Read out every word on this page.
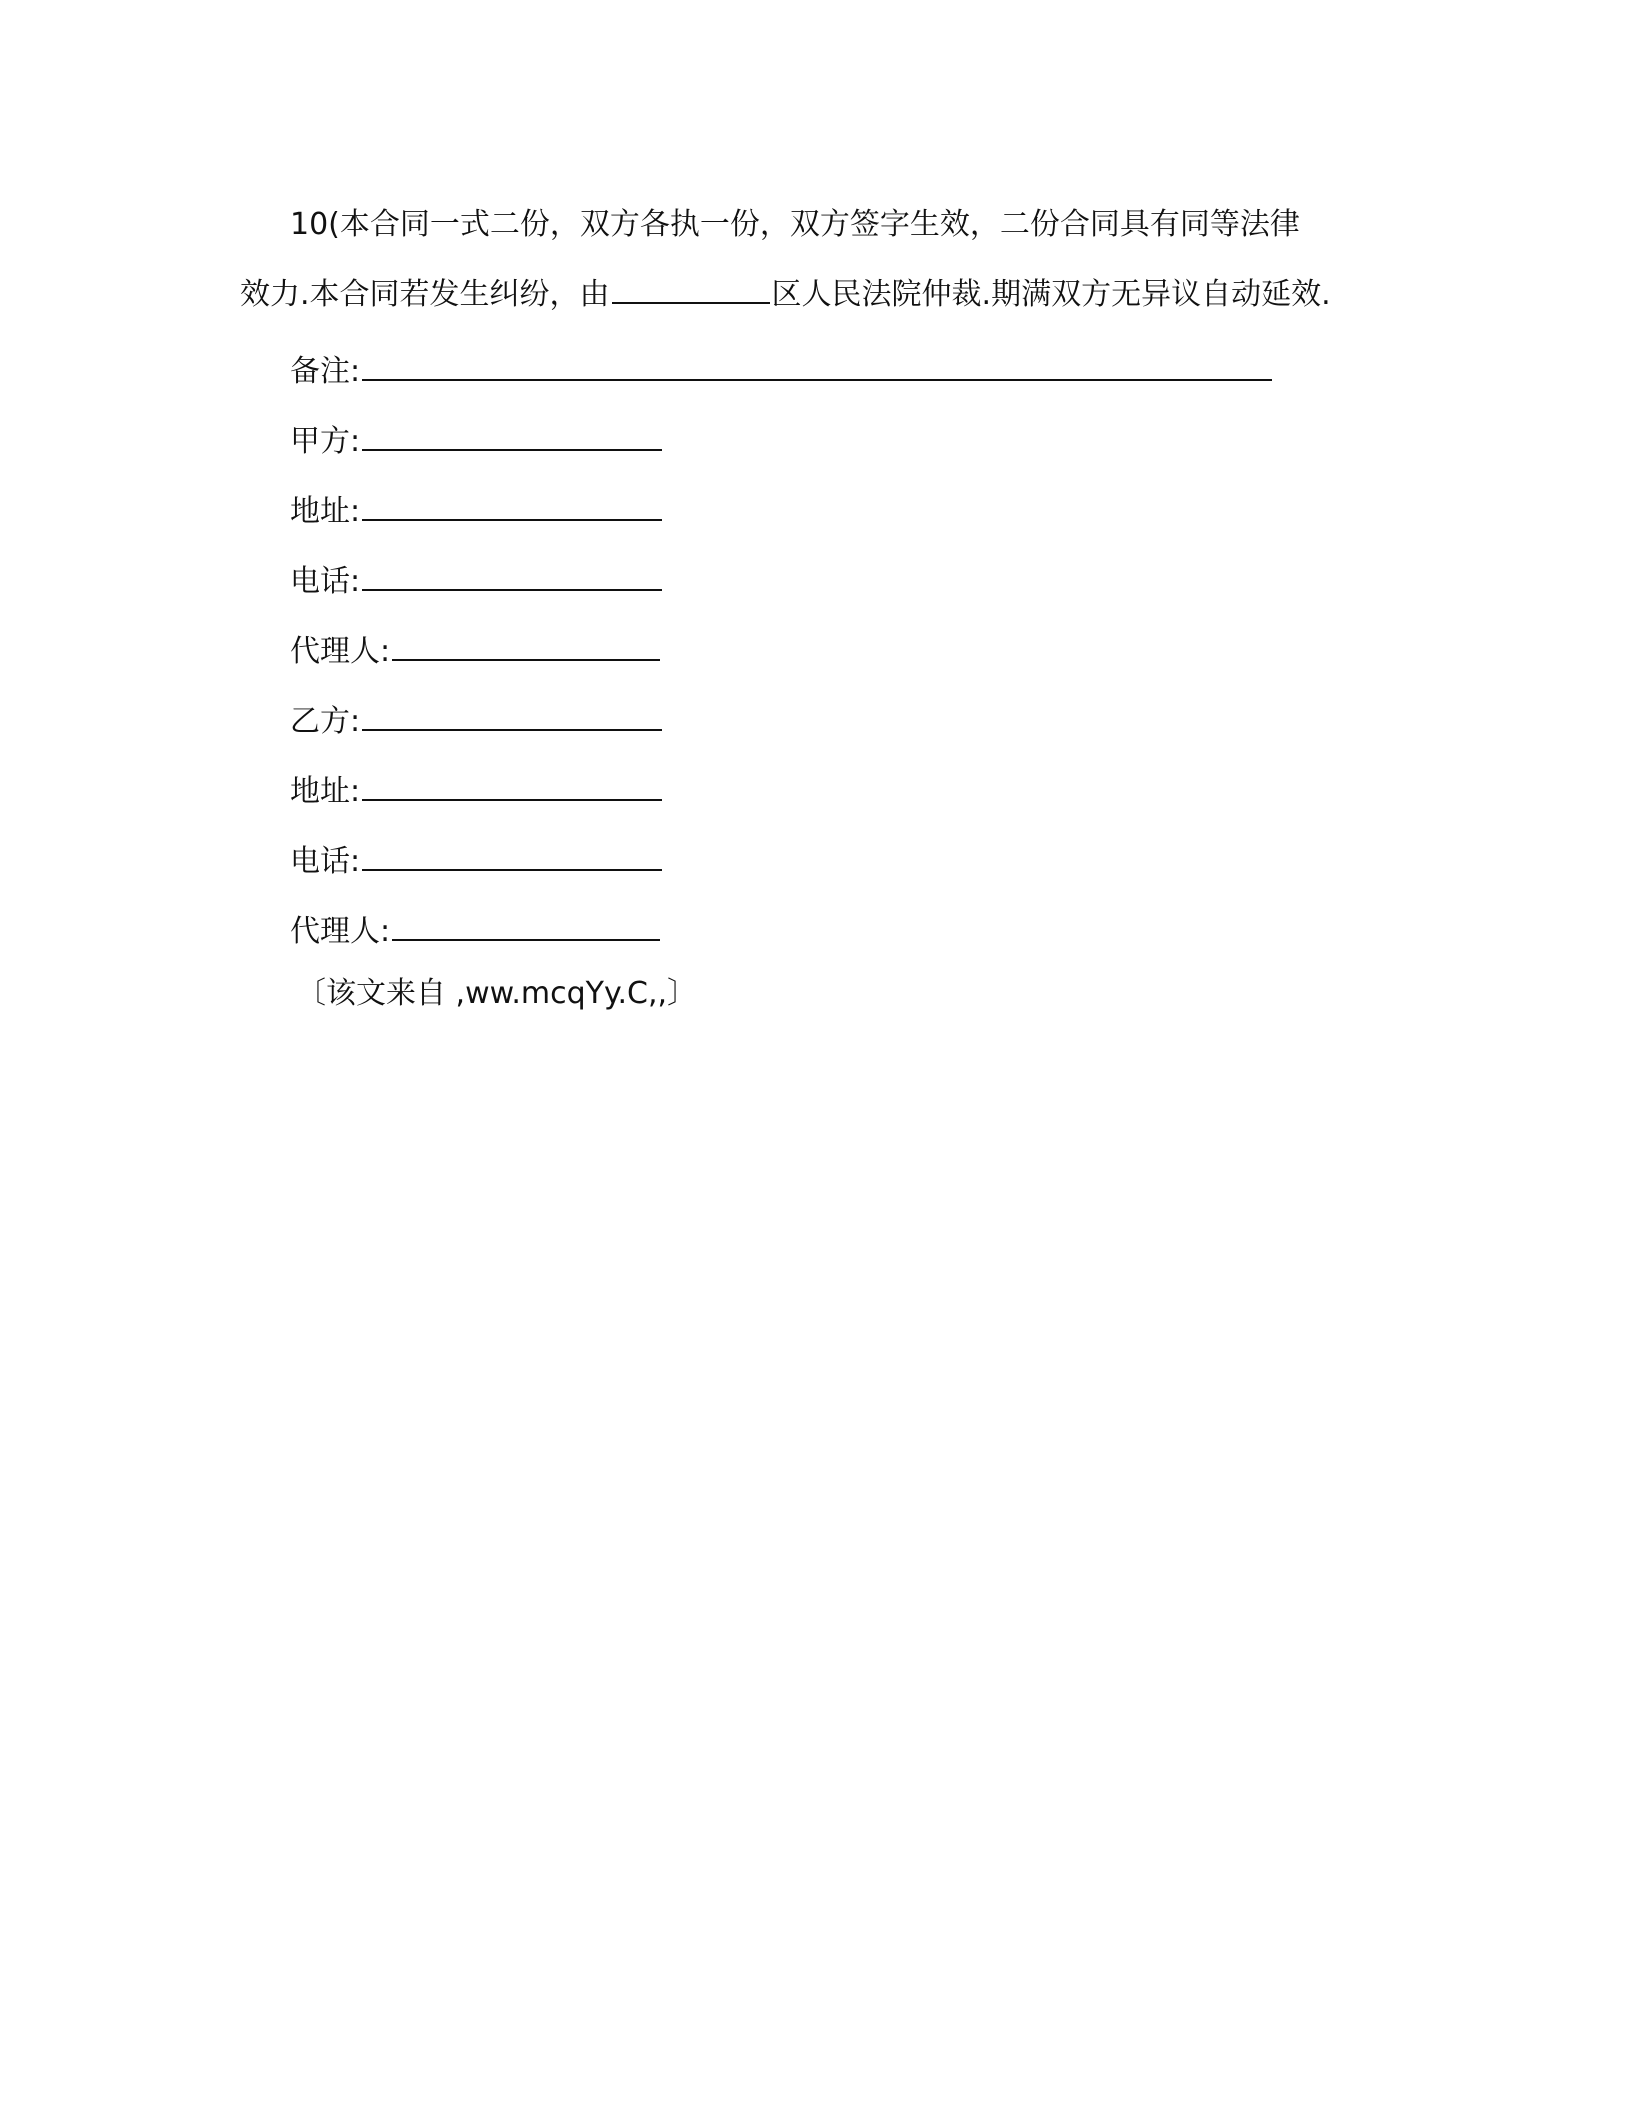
10(本合同一式二份，双方各执一份，双方签字生效，二份合同具有同等法律
效力.本合同若发生纠纷，由	区人民法院仲裁.期满双方无异议自动延效.
备注:
甲方:
地址:
电话:
代理人:
乙方:
地址:
电话:
代理人:
〔该文来自 ,ww.mcqYy.C,,〕
